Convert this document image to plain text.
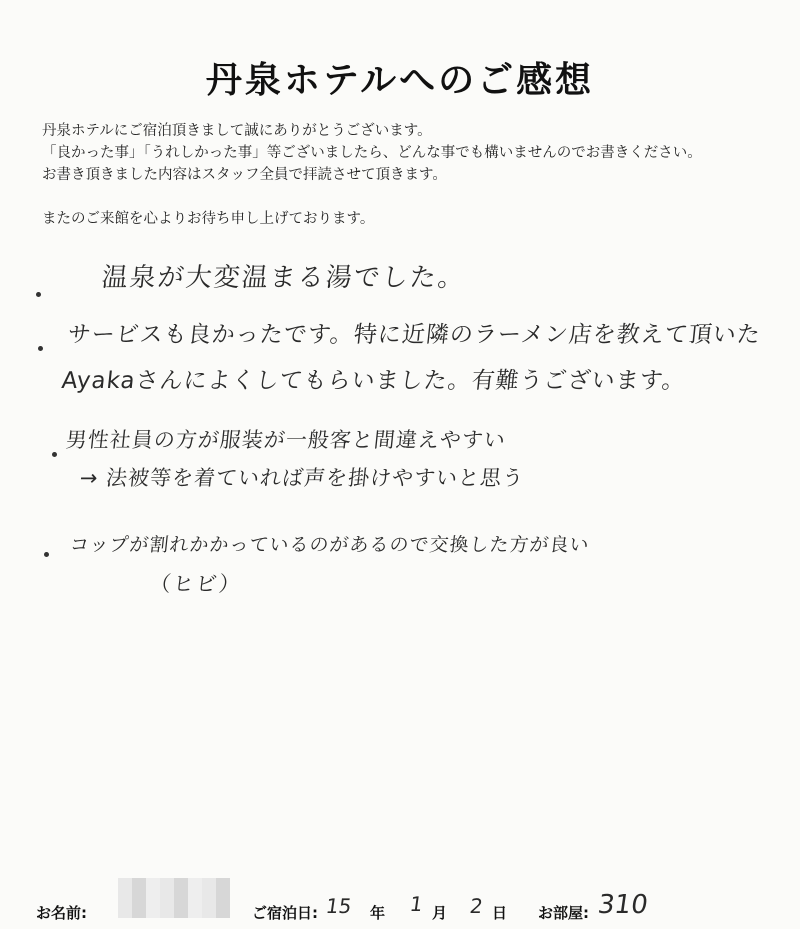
丹泉ホテルへのご感想

丹泉ホテルにご宿泊頂きまして誠にありがとうございます。

「良かった事」「うれしかった事」等ございましたら、どんな事でも構いませんのでお書きください。

お書き頂きました内容はスタッフ全員で拝読させて頂きます。

またのご来館を心よりお待ち申し上げております。

温泉が大変温まる湯でした。
サービスも良かったです。特に近隣のラーメン店を教えて頂いた
Ayakaさんによくしてもらいました。有難うございます。
男性社員の方が服装が一般客と間違えやすい
→ 法被等を着ていれば声を掛けやすいと思う
コップが割れかかっているのがあるので交換した方が良い
（ヒビ）
お名前:	ご宿泊日: 15 年 1 月 2 日 お部屋: 310
